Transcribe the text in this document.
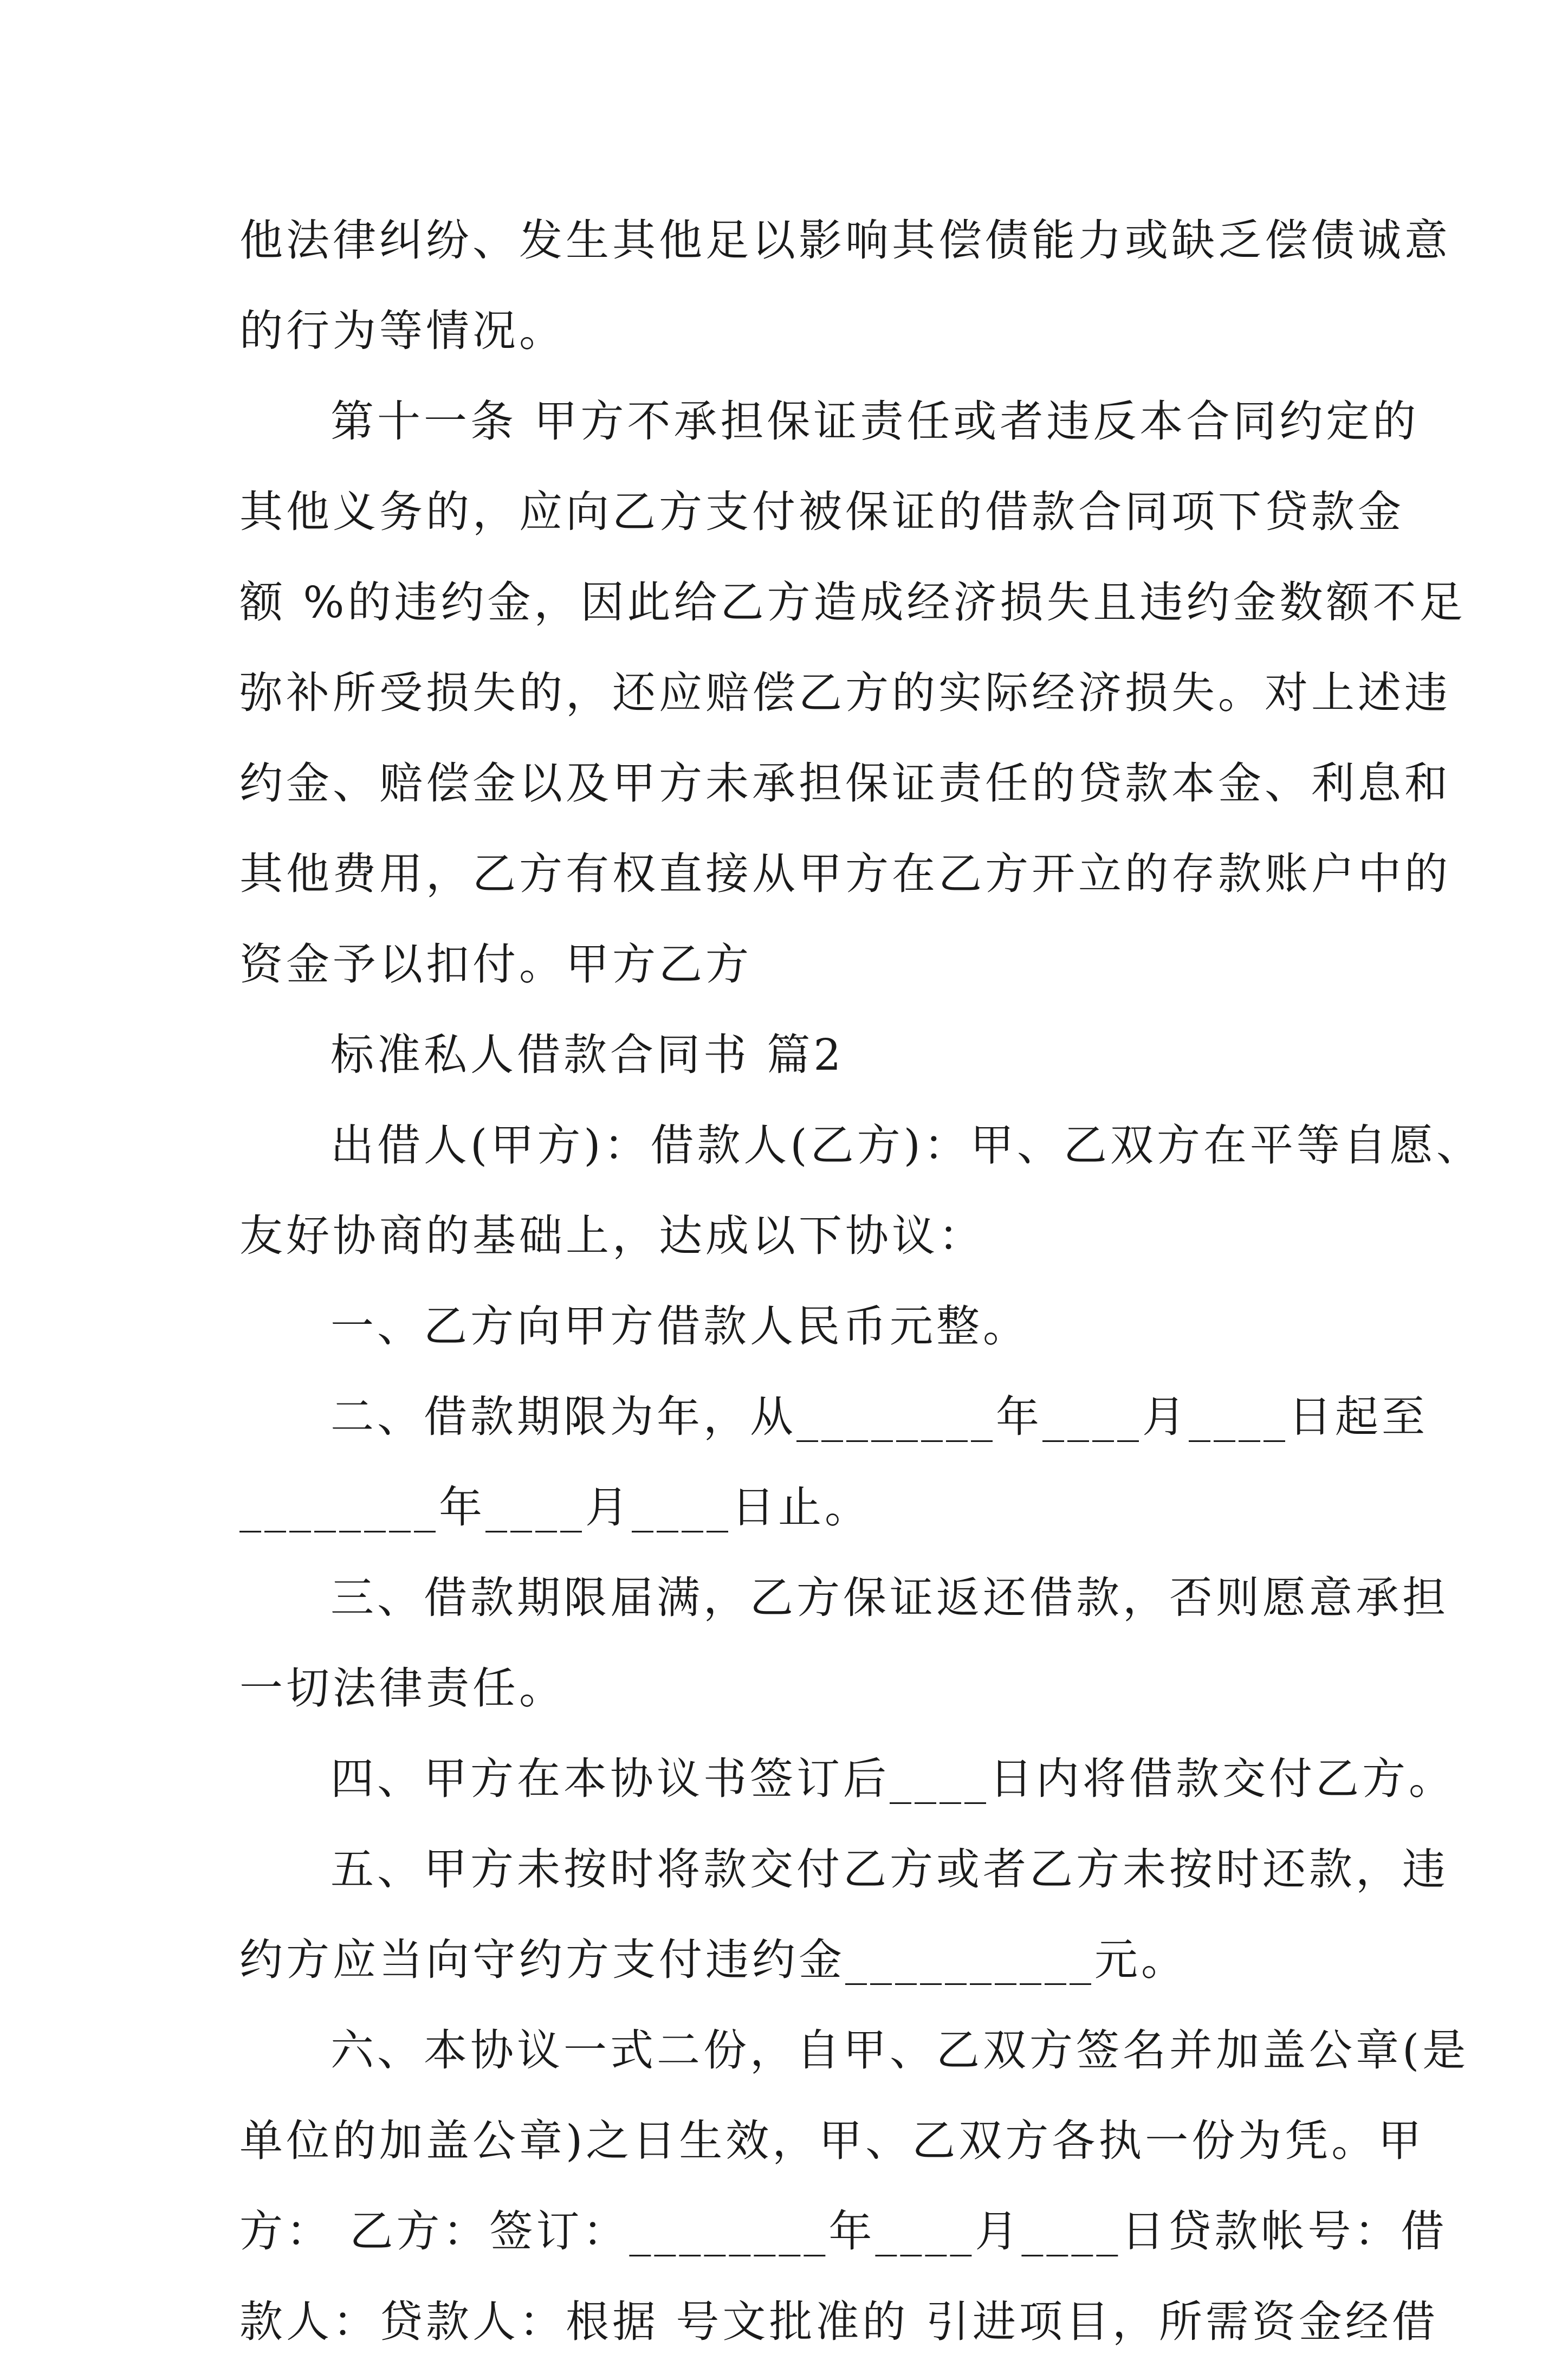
他法律纠纷、发生其他足以影响其偿债能力或缺乏偿债诚意
的行为等情况。
第十一条 甲方不承担保证责任或者违反本合同约定的
其他义务的，应向乙方支付被保证的借款合同项下贷款金
额 %的违约金，因此给乙方造成经济损失且违约金数额不足
弥补所受损失的，还应赔偿乙方的实际经济损失。对上述违
约金、赔偿金以及甲方未承担保证责任的贷款本金、利息和
其他费用，乙方有权直接从甲方在乙方开立的存款账户中的
资金予以扣付。甲方乙方
标准私人借款合同书 篇2
出借人(甲方)：借款人(乙方)：甲、乙双方在平等自愿、
友好协商的基础上，达成以下协议：
一、乙方向甲方借款人民币元整。
二、借款期限为年，从________年____月____日起至
________年____月____日止。
三、借款期限届满，乙方保证返还借款，否则愿意承担
一切法律责任。
四、甲方在本协议书签订后____日内将借款交付乙方。
五、甲方未按时将款交付乙方或者乙方未按时还款，违
约方应当向守约方支付违约金__________元。
六、本协议一式二份，自甲、乙双方签名并加盖公章(是
单位的加盖公章)之日生效，甲、乙双方各执一份为凭。甲
方： 乙方：签订：________年____月____日贷款帐号：借
款人：贷款人：根据 号文批准的 引进项目，所需资金经借
